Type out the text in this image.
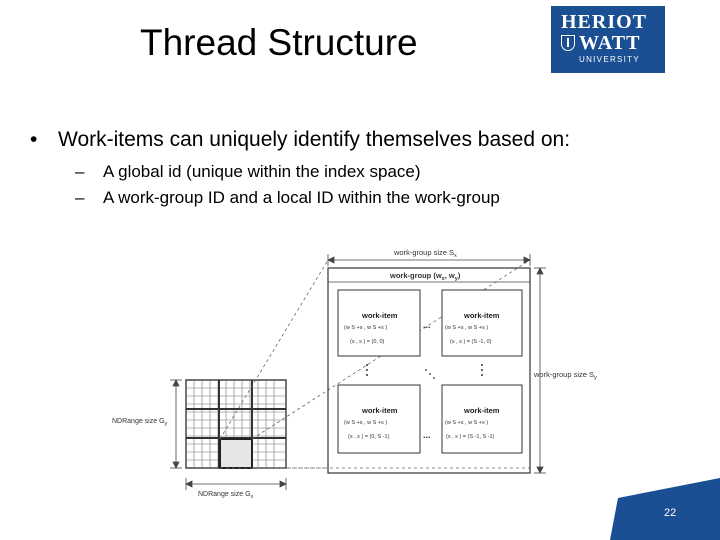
Thread Structure	HERIOT
WATT
UNIVERSITY
• Work-items can uniquely identify themselves based on:
– A global id (unique within the index space)
– A work-group ID and a local ID within the work-group
work-group size $S_x$
work-group ($w_x$, $w_y$)
work-group size $S_y$
work-item
(w S +s , w S +s )
(s , s ) = (0, 0)
work-item
(w S +s , w S +s )
(s , s ) = (S -1, 0)
work-item
(w S +s , w S +s )
(s , s ) = (0, S -1)
work-item
(w S +s , w S +s )
(s , s ) = (S -1, S -1)
...
...
NDRange size $G_y$
NDRange size $G_x$
22
